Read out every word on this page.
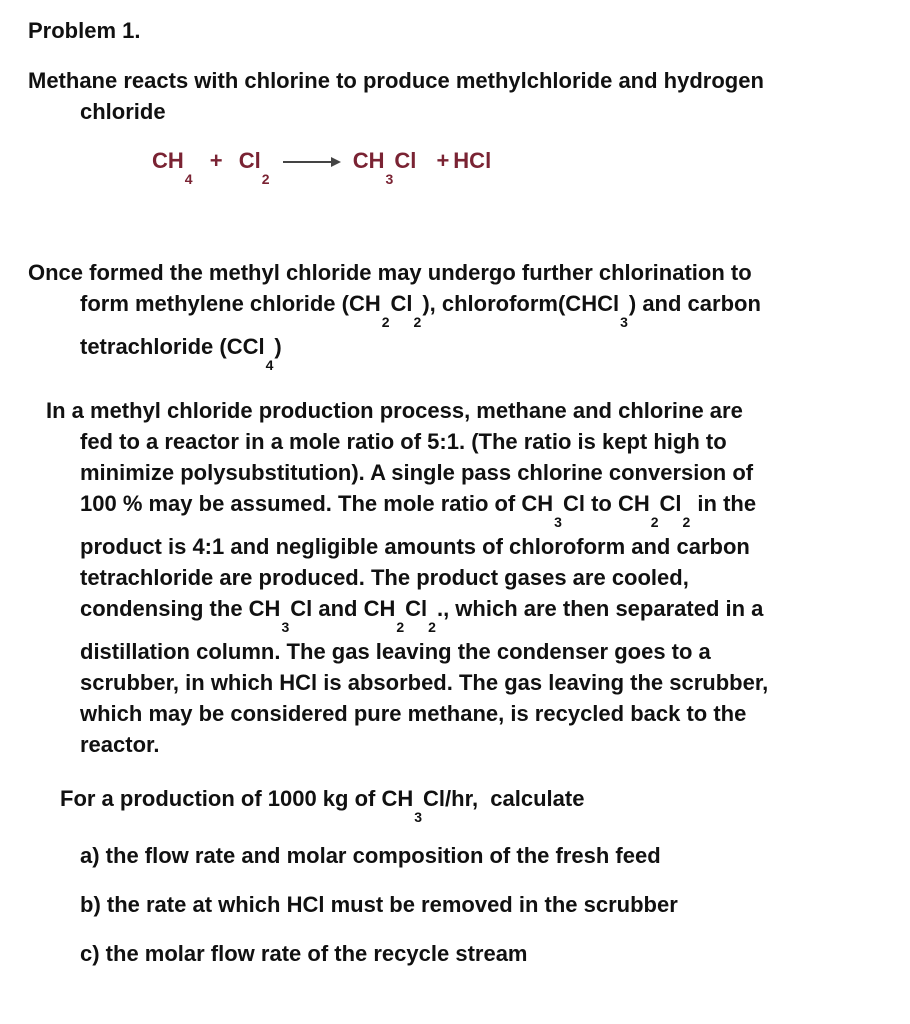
Problem 1.
Methane reacts with chlorine to produce methylchloride and hydrogen
chloride
$CH_4 + Cl_2$  $CH_3Cl$ + HCl
Once formed the methyl chloride may undergo further chlorination to
form methylene chloride $(CH_2Cl_2)$, chloroform(CHCl$_3$) and carbon
tetrachloride (CCl$_4$)
In a methyl chloride production process, methane and chlorine are
fed to a reactor in a mole ratio of 5:1. (The ratio is kept high to
minimize polysubstitution). A single pass chlorine conversion of
100 % may be assumed. The mole ratio of $CH_3Cl$ to $CH_2Cl_2$ in the
product is 4:1 and negligible amounts of chloroform and carbon
tetrachloride are produced. The product gases are cooled,
condensing the $CH_3Cl$ and $CH_2Cl_2$., which are then separated in a
distillation column. The gas leaving the condenser goes to a
scrubber, in which HCl is absorbed. The gas leaving the scrubber,
which may be considered pure methane, is recycled back to the
reactor.
For a production of 1000 kg of $CH_3Cl/hr$,  calculate
a) the flow rate and molar composition of the fresh feed
b) the rate at which HCl must be removed in the scrubber
c) the molar flow rate of the recycle stream
